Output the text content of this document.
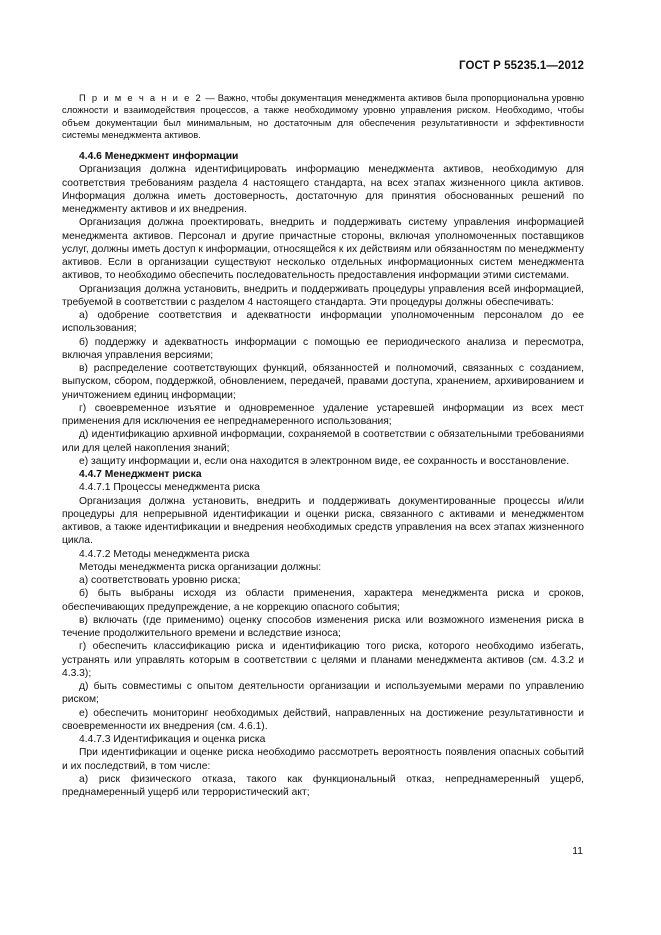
ГОСТ Р 55235.1—2012

П р и м е ч а н и е 2 — Важно, чтобы документация менеджмента активов была пропорциональна уровню сложности и взаимодействия процессов, а также необходимому уровню управления риском. Необходимо, чтобы объем документации был минимальным, но достаточным для обеспечения результативности и эффективности системы менеджмента активов.

4.4.6 Менеджмент информации

Организация должна идентифицировать информацию менеджмента активов, необходимую для соответствия требованиям раздела 4 настоящего стандарта, на всех этапах жизненного цикла активов. Информация должна иметь достоверность, достаточную для принятия обоснованных решений по менеджменту активов и их внедрения.

Организация должна проектировать, внедрить и поддерживать систему управления информацией менеджмента активов. Персонал и другие причастные стороны, включая уполномоченных поставщиков услуг, должны иметь доступ к информации, относящейся к их действиям или обязанностям по менеджменту активов. Если в организации существуют несколько отдельных информационных систем менеджмента активов, то необходимо обеспечить последовательность предоставления информации этими системами.

Организация должна установить, внедрить и поддерживать процедуры управления всей информацией, требуемой в соответствии с разделом 4 настоящего стандарта. Эти процедуры должны обеспечивать:

а) одобрение соответствия и адекватности информации уполномоченным персоналом до ее использования;

б) поддержку и адекватность информации с помощью ее периодического анализа и пересмотра, включая управления версиями;

в) распределение соответствующих функций, обязанностей и полномочий, связанных с созданием, выпуском, сбором, поддержкой, обновлением, передачей, правами доступа, хранением, архивированием и уничтожением единиц информации;

г) своевременное изъятие и одновременное удаление устаревшей информации из всех мест применения для исключения ее непреднамеренного использования;

д) идентификацию архивной информации, сохраняемой в соответствии с обязательными требованиями или для целей накопления знаний;

е) защиту информации и, если она находится в электронном виде, ее сохранность и восстановление.

4.4.7 Менеджмент риска

4.4.7.1 Процессы менеджмента риска

Организация должна установить, внедрить и поддерживать документированные процессы и/или процедуры для непрерывной идентификации и оценки риска, связанного с активами и менеджментом активов, а также идентификации и внедрения необходимых средств управления на всех этапах жизненного цикла.

4.4.7.2 Методы менеджмента риска

Методы менеджмента риска организации должны:

а) соответствовать уровню риска;

б) быть выбраны исходя из области применения, характера менеджмента риска и сроков, обеспечивающих предупреждение, а не коррекцию опасного события;

в) включать (где применимо) оценку способов изменения риска или возможного изменения риска в течение продолжительного времени и вследствие износа;

г) обеспечить классификацию риска и идентификацию того риска, которого необходимо избегать, устранять или управлять которым в соответствии с целями и планами менеджмента активов (см. 4.3.2 и 4.3.3);

д) быть совместимы с опытом деятельности организации и используемыми мерами по управлению риском;

е) обеспечить мониторинг необходимых действий, направленных на достижение результативности и своевременности их внедрения (см. 4.6.1).

4.4.7.3 Идентификация и оценка риска

При идентификации и оценке риска необходимо рассмотреть вероятность появления опасных событий и их последствий, в том числе:

а) риск физического отказа, такого как функциональный отказ, непреднамеренный ущерб, преднамеренный ущерб или террористический акт;

11
